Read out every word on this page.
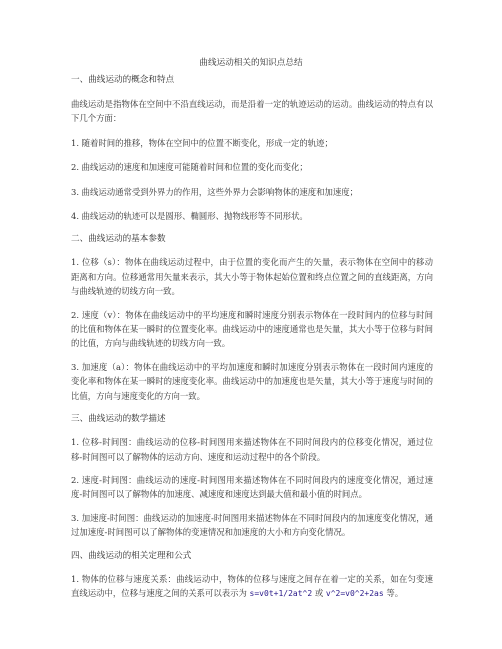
曲线运动相关的知识点总结

一、曲线运动的概念和特点

曲线运动是指物体在空间中不沿直线运动，而是沿着一定的轨迹运动的运动。曲线运动的特点有以下几个方面：

1. 随着时间的推移，物体在空间中的位置不断变化，形成一定的轨迹；

2. 曲线运动的速度和加速度可能随着时间和位置的变化而变化；

3. 曲线运动通常受到外界力的作用，这些外界力会影响物体的速度和加速度；

4. 曲线运动的轨迹可以是圆形、椭圆形、抛物线形等不同形状。

二、曲线运动的基本参数

1. 位移（s）：物体在曲线运动过程中，由于位置的变化而产生的矢量，表示物体在空间中的移动距离和方向。位移通常用矢量来表示，其大小等于物体起始位置和终点位置之间的直线距离，方向与曲线轨迹的切线方向一致。

2. 速度（v）：物体在曲线运动中的平均速度和瞬时速度分别表示物体在一段时间内的位移与时间的比值和物体在某一瞬时的位置变化率。曲线运动中的速度通常也是矢量，其大小等于位移与时间的比值，方向与曲线轨迹的切线方向一致。

3. 加速度（a）：物体在曲线运动中的平均加速度和瞬时加速度分别表示物体在一段时间内速度的变化率和物体在某一瞬时的速度变化率。曲线运动中的加速度也是矢量，其大小等于速度与时间的比值，方向与速度变化的方向一致。

三、曲线运动的数学描述

1. 位移-时间图：曲线运动的位移-时间图用来描述物体在不同时间段内的位移变化情况，通过位移-时间图可以了解物体的运动方向、速度和运动过程中的各个阶段。

2. 速度-时间图：曲线运动的速度-时间图用来描述物体在不同时间段内的速度变化情况，通过速度-时间图可以了解物体的加速度、减速度和速度达到最大值和最小值的时间点。

3. 加速度-时间图：曲线运动的加速度-时间图用来描述物体在不同时间段内的加速度变化情况，通过加速度-时间图可以了解物体的变速情况和加速度的大小和方向变化情况。

四、曲线运动的相关定理和公式

1. 物体的位移与速度关系：曲线运动中，物体的位移与速度之间存在着一定的关系，如在匀变速直线运动中，位移与速度之间的关系可以表示为 s=v0t+1/2at^2 或 v^2=v0^2+2as 等。
